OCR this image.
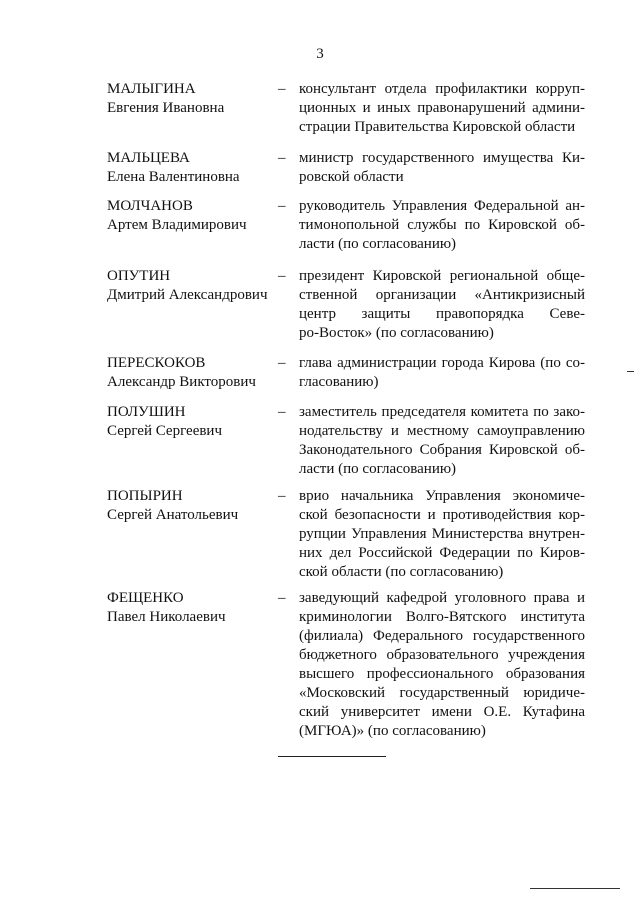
3
МАЛЫГИНА
Евгения Ивановна
– консультант отдела профилактики корруп-
ционных и иных правонарушений админи-
страции Правительства Кировской области
МАЛЬЦЕВА
Елена Валентиновна
– министр государственного имущества Ки-
ровской области
МОЛЧАНОВ
Артем Владимирович
– руководитель Управления Федеральной ан-
тимонопольной службы по Кировской об-
ласти (по согласованию)
ОПУТИН
Дмитрий Александрович
– президент Кировской региональной обще-
ственной организации «Антикризисный
центр защиты правопорядка Севе-
ро-Восток» (по согласованию)
ПЕРЕСКОКОВ
Александр Викторович
– глава администрации города Кирова (по со-
гласованию)
ПОЛУШИН
Сергей Сергеевич
– заместитель председателя комитета по зако-
нодательству и местному самоуправлению
Законодательного Собрания Кировской об-
ласти (по согласованию)
ПОПЫРИН
Сергей Анатольевич
– врио начальника Управления экономиче-
ской безопасности и противодействия кор-
рупции Управления Министерства внутрен-
них дел Российской Федерации по Киров-
ской области (по согласованию)
ФЕЩЕНКО
Павел Николаевич
– заведующий кафедрой уголовного права и
криминологии Волго-Вятского института
(филиала) Федерального государственного
бюджетного образовательного учреждения
высшего профессионального образования
«Московский государственный юридиче-
ский университет имени О.Е. Кутафина
(МГЮА)» (по согласованию)
